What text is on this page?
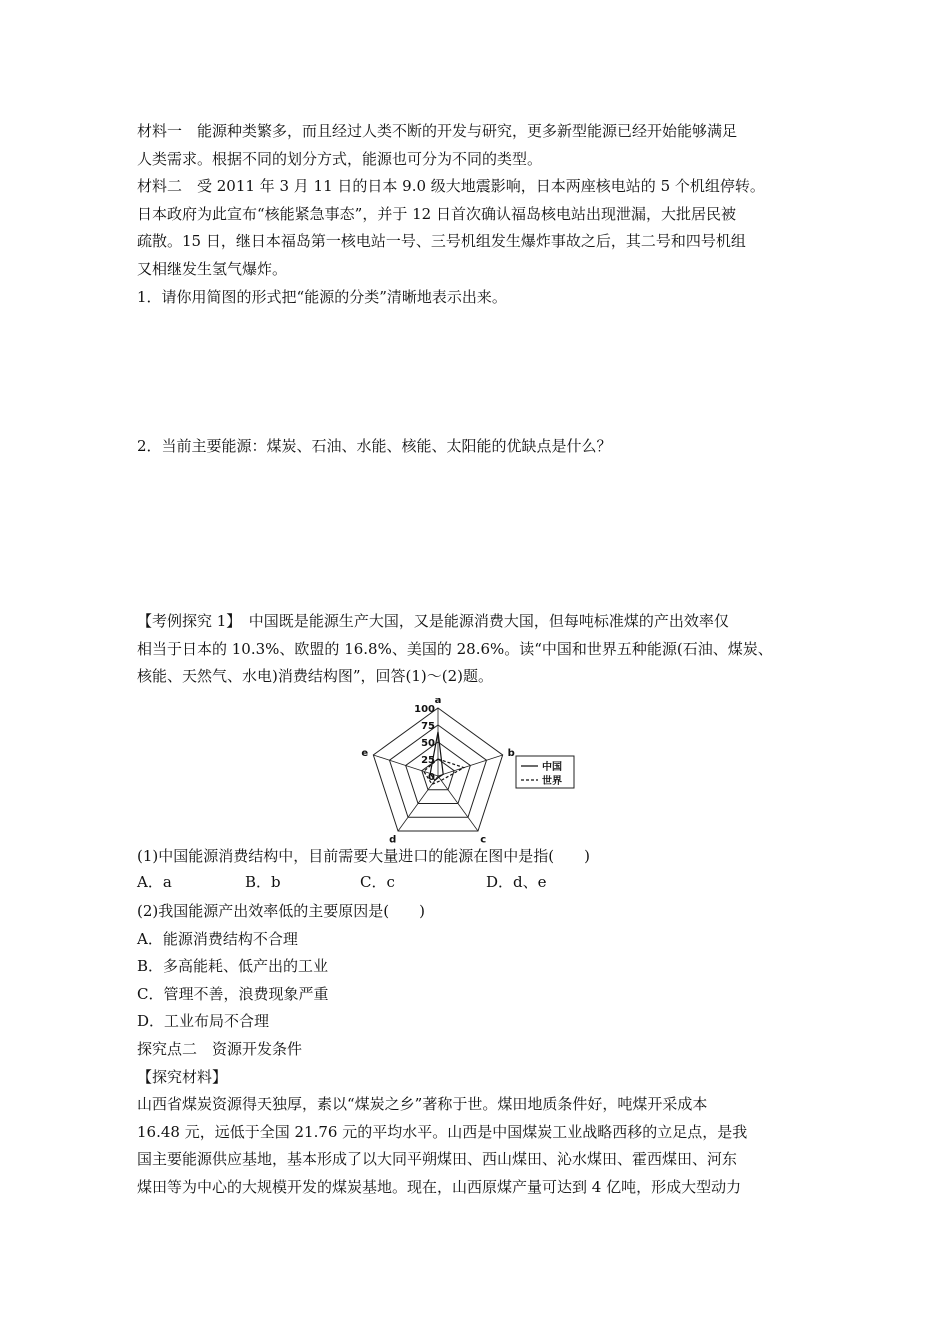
材料一　能源种类繁多，而且经过人类不断的开发与研究，更多新型能源已经开始能够满足
人类需求。根据不同的划分方式，能源也可分为不同的类型。
材料二　受 2011 年 3 月 11 日的日本 9.0 级大地震影响，日本两座核电站的 5 个机组停转。
日本政府为此宣布“核能紧急事态”，并于 12 日首次确认福岛核电站出现泄漏，大批居民被
疏散。15 日，继日本福岛第一核电站一号、三号机组发生爆炸事故之后，其二号和四号机组
又相继发生氢气爆炸。
1．请你用简图的形式把“能源的分类”清晰地表示出来。
2．当前主要能源：煤炭、石油、水能、核能、太阳能的优缺点是什么？
【考例探究 1】　中国既是能源生产大国，又是能源消费大国，但每吨标准煤的产出效率仅
相当于日本的 10.3%、欧盟的 16.8%、美国的 28.6%。读“中国和世界五种能源(石油、煤炭、
核能、天然气、水电)消费结构图”，回答(1)～(2)题。
0
25
50
75
100
a
b
c
d
e
中国
世界
(1)中国能源消费结构中，目前需要大量进口的能源在图中是指(　　)
A．a	B．b	C．c	D．d、e
(2)我国能源产出效率低的主要原因是(　　)
A．能源消费结构不合理
B．多高能耗、低产出的工业
C．管理不善，浪费现象严重
D．工业布局不合理
探究点二　资源开发条件
【探究材料】
山西省煤炭资源得天独厚，素以“煤炭之乡”著称于世。煤田地质条件好，吨煤开采成本
16.48 元，远低于全国 21.76 元的平均水平。山西是中国煤炭工业战略西移的立足点，是我
国主要能源供应基地，基本形成了以大同平朔煤田、西山煤田、沁水煤田、霍西煤田、河东
煤田等为中心的大规模开发的煤炭基地。现在，山西原煤产量可达到 4 亿吨，形成大型动力
